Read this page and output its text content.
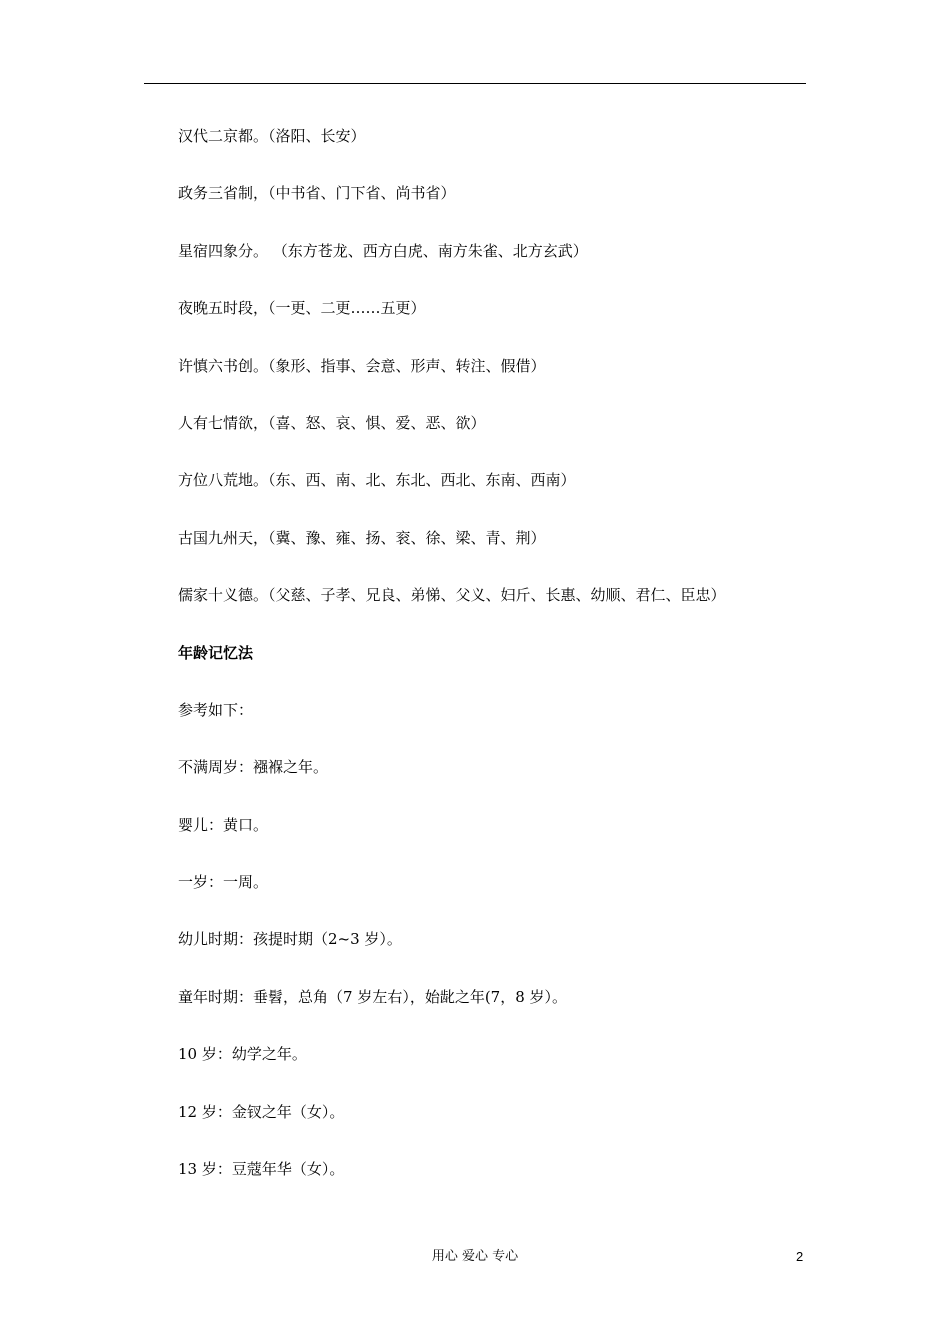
汉代二京都。（洛阳、长安）
政务三省制，（中书省、门下省、尚书省）
星宿四象分。 （东方苍龙、西方白虎、南方朱雀、北方玄武）
夜晚五时段，（一更、二更……五更）
许慎六书创。（象形、指事、会意、形声、转注、假借）
人有七情欲，（喜、怒、哀、惧、爱、恶、欲）
方位八荒地。（东、西、南、北、东北、西北、东南、西南）
古国九州天，（冀、豫、雍、扬、衮、徐、梁、青、荆）
儒家十义德。（父慈、子孝、兄良、弟悌、父义、妇斤、长惠、幼顺、君仁、臣忠）
年龄记忆法
参考如下：
不满周岁：襁褓之年。
婴儿：黄口。
一岁：一周。
幼儿时期：孩提时期（2~3 岁）。
童年时期：垂髫，总角（7 岁左右），始龀之年(7，8 岁）。
10 岁：幼学之年。
12 岁：金钗之年（女）。
13 岁：豆蔻年华（女）。
用心 爱心 专心	2
